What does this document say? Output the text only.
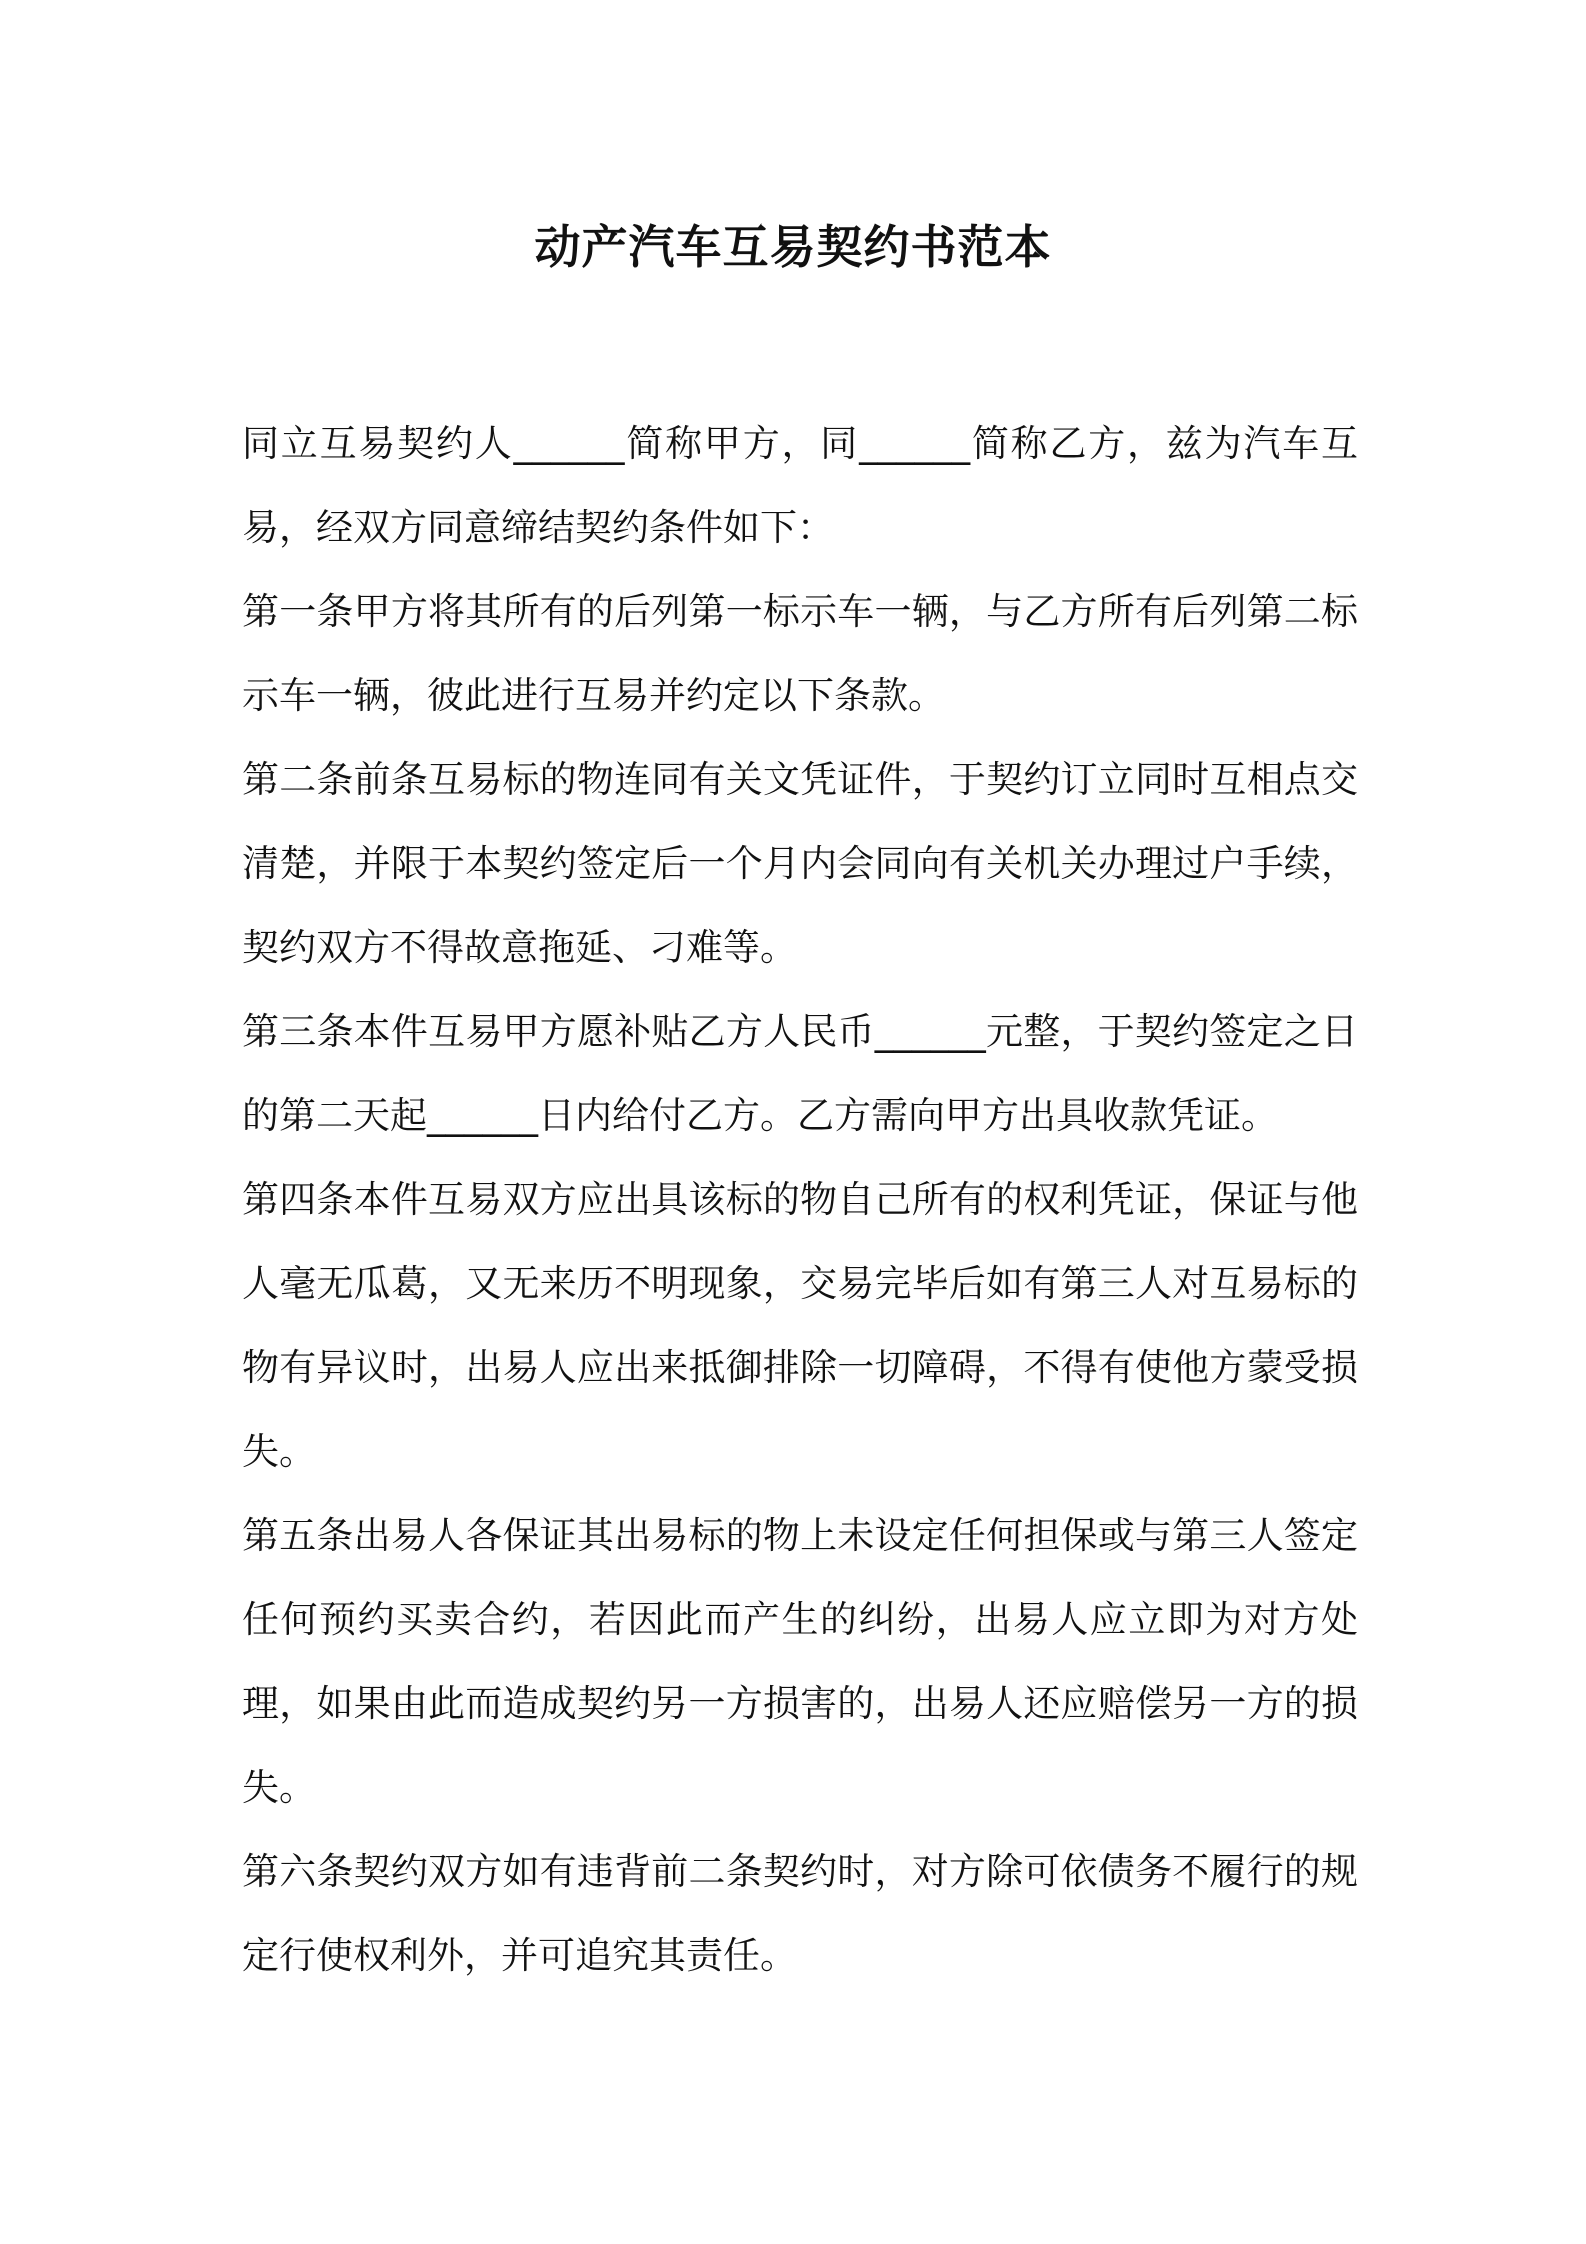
动产汽车互易契约书范本

同立互易契约人______简称甲方，同______简称乙方，兹为汽车互易，经双方同意缔结契约条件如下：

第一条甲方将其所有的后列第一标示车一辆，与乙方所有后列第二标示车一辆，彼此进行互易并约定以下条款。

第二条前条互易标的物连同有关文凭证件，于契约订立同时互相点交清楚，并限于本契约签定后一个月内会同向有关机关办理过户手续，契约双方不得故意拖延、刁难等。

第三条本件互易甲方愿补贴乙方人民币______元整，于契约签定之日的第二天起______日内给付乙方。乙方需向甲方出具收款凭证。

第四条本件互易双方应出具该标的物自己所有的权利凭证，保证与他人毫无瓜葛，又无来历不明现象，交易完毕后如有第三人对互易标的物有异议时，出易人应出来抵御排除一切障碍，不得有使他方蒙受损失。

第五条出易人各保证其出易标的物上未设定任何担保或与第三人签定任何预约买卖合约，若因此而产生的纠纷，出易人应立即为对方处理，如果由此而造成契约另一方损害的，出易人还应赔偿另一方的损失。

第六条契约双方如有违背前二条契约时，对方除可依债务不履行的规定行使权利外，并可追究其责任。
